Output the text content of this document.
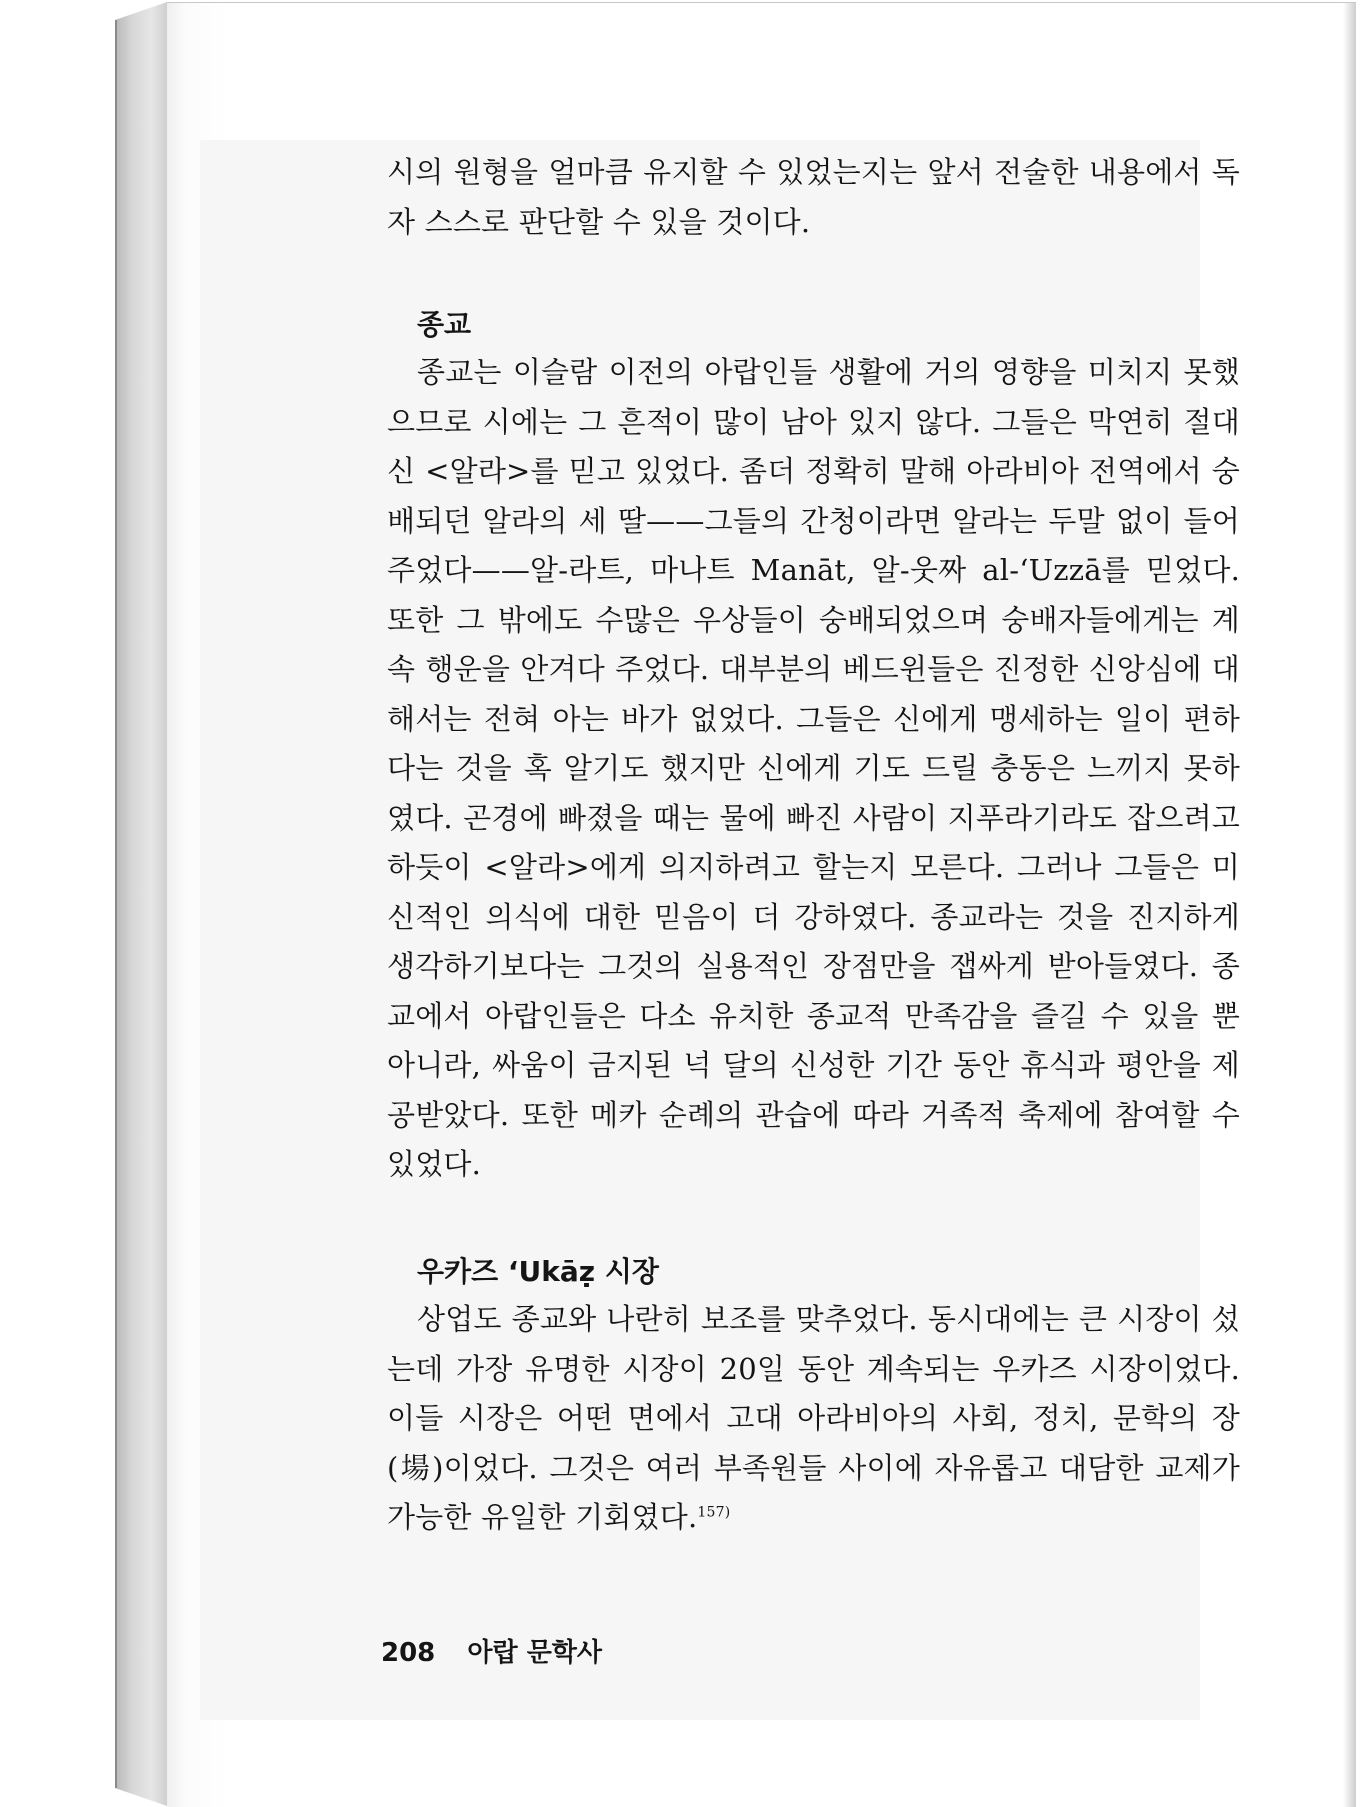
시의 원형을 얼마큼 유지할 수 있었는지는 앞서 전술한 내용에서 독자 스스로 판단할 수 있을 것이다.
종교
종교는 이슬람 이전의 아랍인들 생활에 거의 영향을 미치지 못했으므로 시에는 그 흔적이 많이 남아 있지 않다. 그들은 막연히 절대신 <알라>를 믿고 있었다. 좀더 정확히 말해 아라비아 전역에서 숭배되던 알라의 세 딸——그들의 간청이라면 알라는 두말 없이 들어 주었다——알-라트, 마나트 Manāt, 알-웃짜 al-‘Uzzā를 믿었다. 또한 그 밖에도 수많은 우상들이 숭배되었으며 숭배자들에게는 계속 행운을 안겨다 주었다. 대부분의 베드윈들은 진정한 신앙심에 대해서는 전혀 아는 바가 없었다. 그들은 신에게 맹세하는 일이 편하다는 것을 혹 알기도 했지만 신에게 기도 드릴 충동은 느끼지 못하였다. 곤경에 빠졌을 때는 물에 빠진 사람이 지푸라기라도 잡으려고 하듯이 <알라>에게 의지하려고 할는지 모른다. 그러나 그들은 미신적인 의식에 대한 믿음이 더 강하였다. 종교라는 것을 진지하게 생각하기보다는 그것의 실용적인 장점만을 잽싸게 받아들였다. 종교에서 아랍인들은 다소 유치한 종교적 만족감을 즐길 수 있을 뿐 아니라, 싸움이 금지된 넉 달의 신성한 기간 동안 휴식과 평안을 제공받았다. 또한 메카 순례의 관습에 따라 거족적 축제에 참여할 수 있었다.
우카즈 ‘Ukāẓ 시장
상업도 종교와 나란히 보조를 맞추었다. 동시대에는 큰 시장이 섰는데 가장 유명한 시장이 20일 동안 계속되는 우카즈 시장이었다. 이들 시장은 어떤 면에서 고대 아라비아의 사회, 정치, 문학의 장(場)이었다. 그것은 여러 부족원들 사이에 자유롭고 대담한 교제가 가능한 유일한 기회였다.$^{157)}$
208 아랍 문학사
